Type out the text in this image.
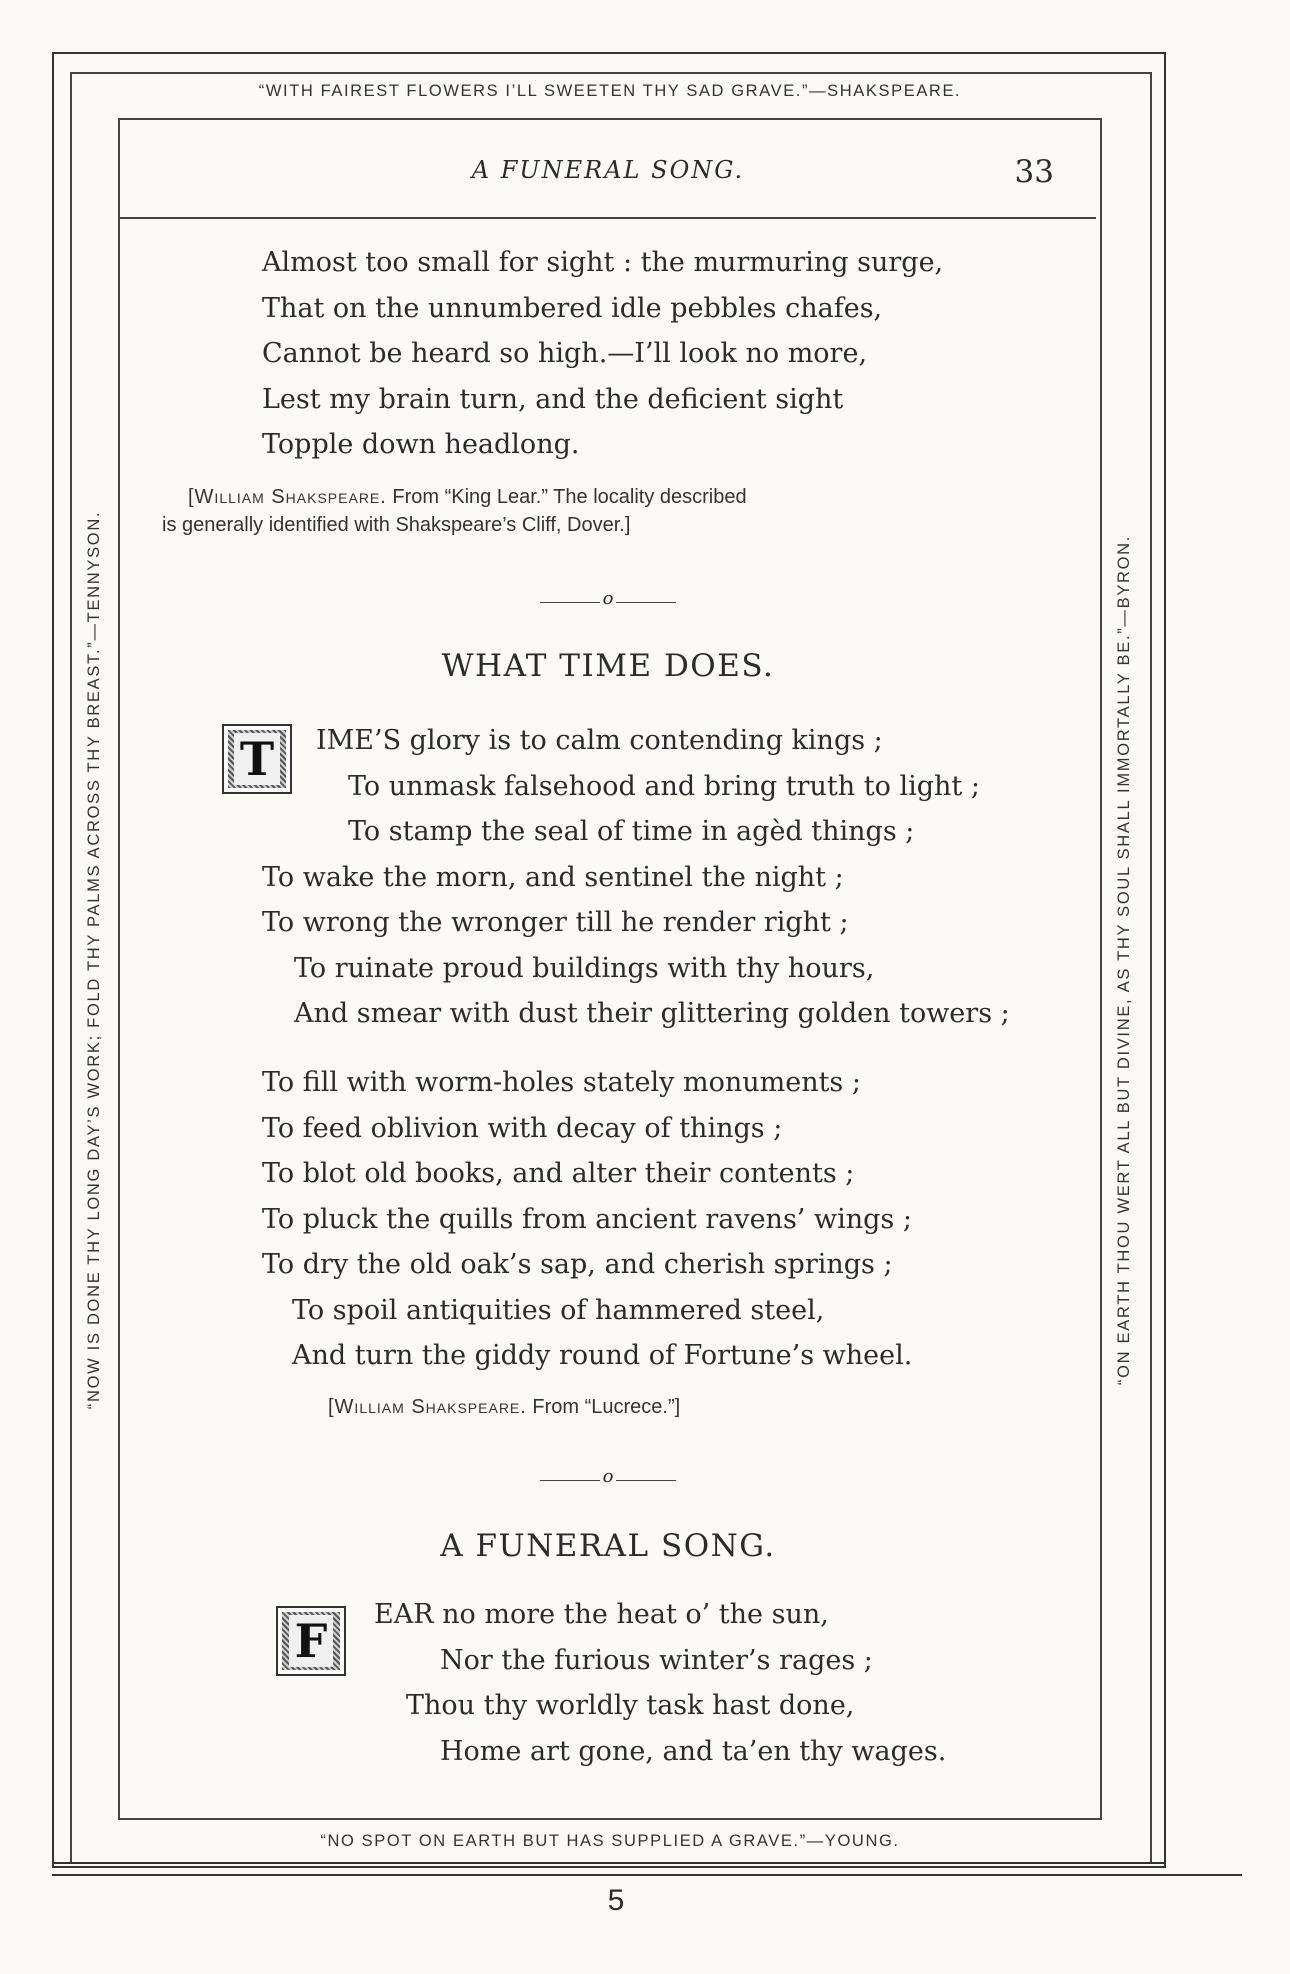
“WITH FAIREST FLOWERS I’LL SWEETEN THY SAD GRAVE.”—SHAKSPEARE.
“NO SPOT ON EARTH BUT HAS SUPPLIED A GRAVE.”—YOUNG.
“NOW IS DONE THY LONG DAY’S WORK; FOLD THY PALMS ACROSS THY BREAST.”—TENNYSON.	“ON EARTH THOU WERT ALL BUT DIVINE, AS THY SOUL SHALL IMMORTALLY BE.”—BYRON.
A FUNERAL SONG.	33

Almost too small for sight : the murmuring surge,

That on the unnumbered idle pebbles chafes,

Cannot be heard so high.—I’ll look no more,

Lest my brain turn, and the deficient sight

Topple down headlong.

[William Shakspeare. From “King Lear.” The locality described
is generally identified with Shakspeare’s Cliff, Dover.]
o
WHAT TIME DOES.
T IME’S glory is to calm contending kings ;

To unmask falsehood and bring truth to light ;

To stamp the seal of time in agèd things ;

To wake the morn, and sentinel the night ;

To wrong the wronger till he render right ;

To ruinate proud buildings with thy hours,

And smear with dust their glittering golden towers ;

To fill with worm-holes stately monuments ;

To feed oblivion with decay of things ;

To blot old books, and alter their contents ;

To pluck the quills from ancient ravens’ wings ;

To dry the old oak’s sap, and cherish springs ;

To spoil antiquities of hammered steel,

And turn the giddy round of Fortune’s wheel.

[William Shakspeare. From “Lucrece.”]
o
A FUNERAL SONG.
F EAR no more the heat o’ the sun,

Nor the furious winter’s rages ;

Thou thy worldly task hast done,

Home art gone, and ta’en thy wages.

5
